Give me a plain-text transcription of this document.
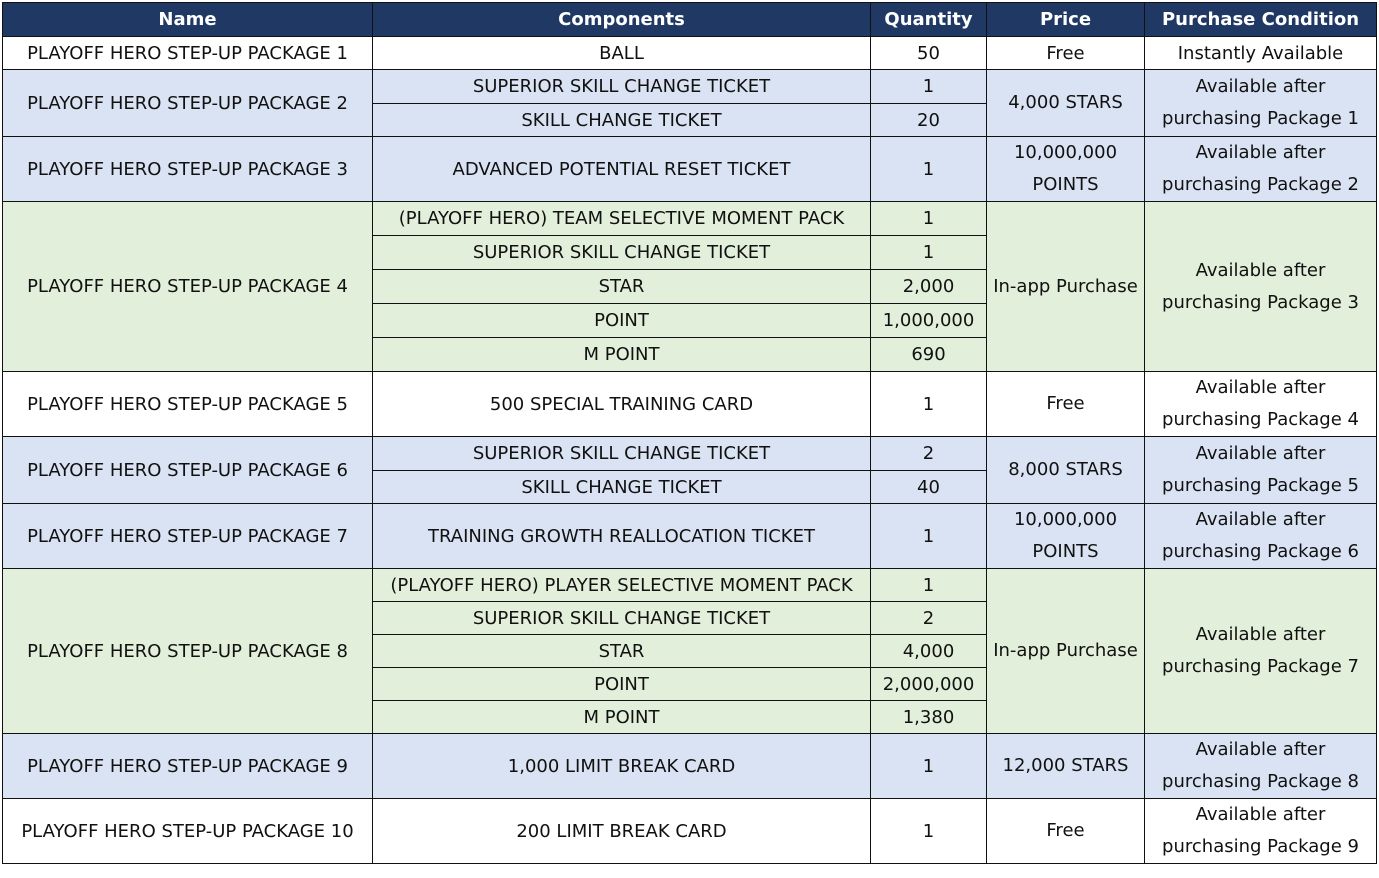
Name	Components	Quantity	Price	Purchase Condition
PLAYOFF HERO STEP-UP PACKAGE 1	BALL	50	Free	Instantly Available
PLAYOFF HERO STEP-UP PACKAGE 2	SUPERIOR SKILL CHANGE TICKET	1	4,000 STARS	Available after purchasing Package 1
	SKILL CHANGE TICKET	20		
PLAYOFF HERO STEP-UP PACKAGE 3	ADVANCED POTENTIAL RESET TICKET	1	10,000,000 POINTS	Available after purchasing Package 2
PLAYOFF HERO STEP-UP PACKAGE 4	(PLAYOFF HERO) TEAM SELECTIVE MOMENT PACK	1	In-app Purchase	Available after purchasing Package 3
	SUPERIOR SKILL CHANGE TICKET	1		
	STAR	2,000		
	POINT	1,000,000		
	M POINT	690		
PLAYOFF HERO STEP-UP PACKAGE 5	500 SPECIAL TRAINING CARD	1	Free	Available after purchasing Package 4
PLAYOFF HERO STEP-UP PACKAGE 6	SUPERIOR SKILL CHANGE TICKET	2	8,000 STARS	Available after purchasing Package 5
	SKILL CHANGE TICKET	40		
PLAYOFF HERO STEP-UP PACKAGE 7	TRAINING GROWTH REALLOCATION TICKET	1	10,000,000 POINTS	Available after purchasing Package 6
PLAYOFF HERO STEP-UP PACKAGE 8	(PLAYOFF HERO) PLAYER SELECTIVE MOMENT PACK	1	In-app Purchase	Available after purchasing Package 7
	SUPERIOR SKILL CHANGE TICKET	2		
	STAR	4,000		
	POINT	2,000,000		
	M POINT	1,380		
PLAYOFF HERO STEP-UP PACKAGE 9	1,000 LIMIT BREAK CARD	1	12,000 STARS	Available after purchasing Package 8
PLAYOFF HERO STEP-UP PACKAGE 10	200 LIMIT BREAK CARD	1	Free	Available after purchasing Package 9
